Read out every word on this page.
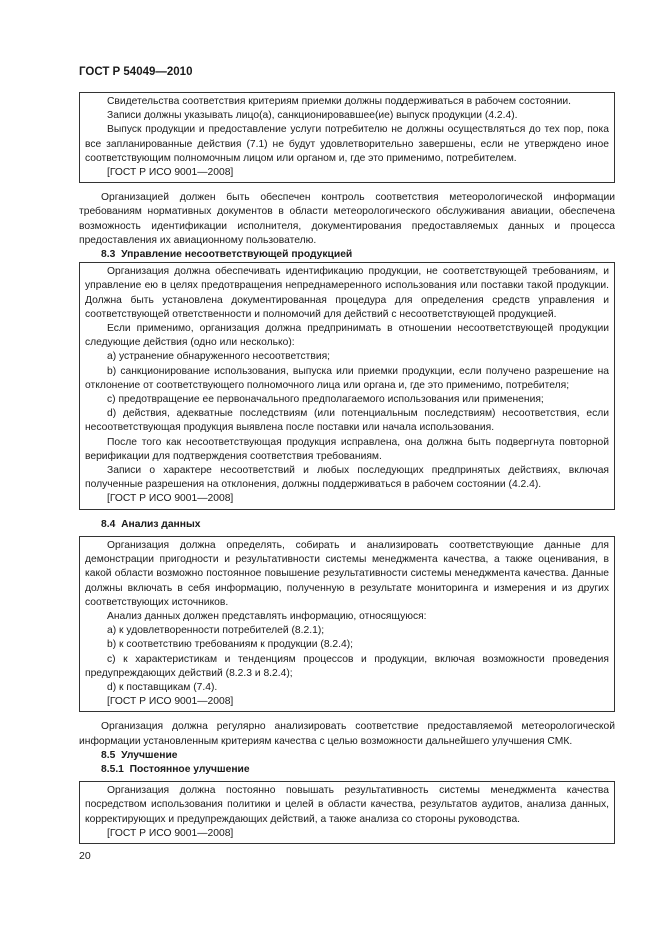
ГОСТ Р 54049—2010

Свидетельства соответствия критериям приемки должны поддерживаться в рабочем состоянии.

Записи должны указывать лицо(а), санкционировавшее(ие) выпуск продукции (4.2.4).

Выпуск продукции и предоставление услуги потребителю не должны осуществляться до тех пор, пока все запланированные действия (7.1) не будут удовлетворительно завершены, если не утверждено иное соответствующим полномочным лицом или органом и, где это применимо, потребителем.

[ГОСТ Р ИСО 9001—2008]

Организацией должен быть обеспечен контроль соответствия метеорологической информации требованиям нормативных документов в области метеорологического обслуживания авиации, обеспечена возможность идентификации исполнителя, документирования предоставляемых данных и процесса предоставления их авиационному пользователю.

8.3 Управление несоответствующей продукцией

Организация должна обеспечивать идентификацию продукции, не соответствующей требованиям, и управление ею в целях предотвращения непреднамеренного использования или поставки такой продукции. Должна быть установлена документированная процедура для определения средств управления и соответствующей ответственности и полномочий для действий с несоответствующей продукцией.

Если применимо, организация должна предпринимать в отношении несоответствующей продукции следующие действия (одно или несколько):

а) устранение обнаруженного несоответствия;

b) санкционирование использования, выпуска или приемки продукции, если получено разрешение на отклонение от соответствующего полномочного лица или органа и, где это применимо, потребителя;

c) предотвращение ее первоначального предполагаемого использования или применения;

d) действия, адекватные последствиям (или потенциальным последствиям) несоответствия, если несоответствующая продукция выявлена после поставки или начала использования.

После того как несоответствующая продукция исправлена, она должна быть подвергнута повторной верификации для подтверждения соответствия требованиям.

Записи о характере несоответствий и любых последующих предпринятых действиях, включая полученные разрешения на отклонения, должны поддерживаться в рабочем состоянии (4.2.4).

[ГОСТ Р ИСО 9001—2008]

8.4 Анализ данных

Организация должна определять, собирать и анализировать соответствующие данные для демонстрации пригодности и результативности системы менеджмента качества, а также оценивания, в какой области возможно постоянное повышение результативности системы менеджмента качества. Данные должны включать в себя информацию, полученную в результате мониторинга и измерения и из других соответствующих источников.

Анализ данных должен представлять информацию, относящуюся:

а) к удовлетворенности потребителей (8.2.1);

b) к соответствию требованиям к продукции (8.2.4);

c) к характеристикам и тенденциям процессов и продукции, включая возможности проведения предупреждающих действий (8.2.3 и 8.2.4);

d) к поставщикам (7.4).

[ГОСТ Р ИСО 9001—2008]

Организация должна регулярно анализировать соответствие предоставляемой метеорологической информации установленным критериям качества с целью возможности дальнейшего улучшения СМК.

8.5 Улучшение

8.5.1 Постоянное улучшение

Организация должна постоянно повышать результативность системы менеджмента качества посредством использования политики и целей в области качества, результатов аудитов, анализа данных, корректирующих и предупреждающих действий, а также анализа со стороны руководства.

[ГОСТ Р ИСО 9001—2008]

20
